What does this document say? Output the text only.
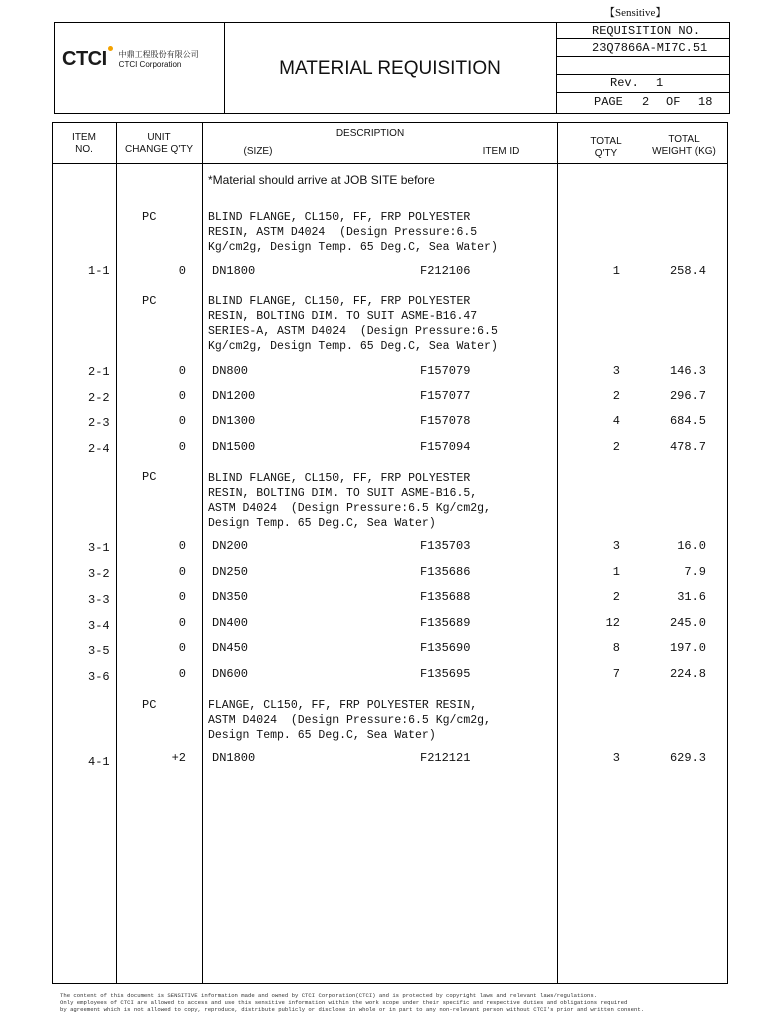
【Sensitive】
CTCI 中鼎工程股份有限公司
CTCI Corporation	MATERIAL REQUISITION
REQUISITION NO.
23Q7866A-MI7C.51
Rev. 1
PAGE 2 OF 18
ITEM
NO.
UNIT
CHANGE Q'TY
DESCRIPTION
(SIZE)	ITEM ID
TOTAL
Q'TY
TOTAL
WEIGHT (KG)
*Material should arrive at JOB SITE before
PC	BLIND FLANGE, CL150, FF, FRP POLYESTER
RESIN, ASTM D4024  (Design Pressure:6.5
Kg/cm2g, Design Temp. 65 Deg.C, Sea Water)
1-1	0 DN1800	F212106	1	258.4
PC	BLIND FLANGE, CL150, FF, FRP POLYESTER
RESIN, BOLTING DIM. TO SUIT ASME-B16.47
SERIES-A, ASTM D4024  (Design Pressure:6.5
Kg/cm2g, Design Temp. 65 Deg.C, Sea Water)
2-1	0 DN800	F157079	3	146.3
2-2	0 DN1200	F157077	2	296.7
2-3	0 DN1300	F157078	4	684.5
2-4	0 DN1500	F157094	2	478.7
PC	BLIND FLANGE, CL150, FF, FRP POLYESTER
RESIN, BOLTING DIM. TO SUIT ASME-B16.5,
ASTM D4024  (Design Pressure:6.5 Kg/cm2g,
Design Temp. 65 Deg.C, Sea Water)
3-1	0 DN200	F135703	3	16.0
3-2	0 DN250	F135686	1	7.9
3-3	0 DN350	F135688	2	31.6
3-4	0 DN400	F135689	12	245.0
3-5	0 DN450	F135690	8	197.0
3-6	0 DN600	F135695	7	224.8
PC	FLANGE, CL150, FF, FRP POLYESTER RESIN,
ASTM D4024  (Design Pressure:6.5 Kg/cm2g,
Design Temp. 65 Deg.C, Sea Water)
4-1	+2 DN1800	F212121	3	629.3
The content of this document is SENSITIVE information made and owned by CTCI Corporation(CTCI) and is protected by copyright laws and relevant laws/regulations.
Only employees of CTCI are allowed to access and use this sensitive information within the work scope under their specific and respective duties and obligations required
by agreement which is not allowed to copy, reproduce, distribute publicly or disclose in whole or in part to any non-relevant person without CTCI's prior and written consent.
